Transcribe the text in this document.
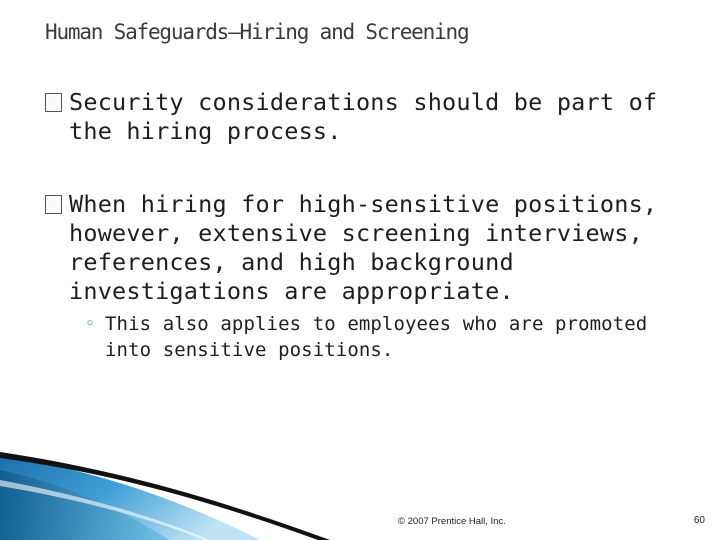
Human Safeguards–Hiring and Screening
Security considerations should be part of the hiring process.
When hiring for high-sensitive positions, however, extensive screening interviews, references, and high background investigations are appropriate.
◦ This also applies to employees who are promoted into sensitive positions.
© 2007 Prentice Hall, Inc.	60
